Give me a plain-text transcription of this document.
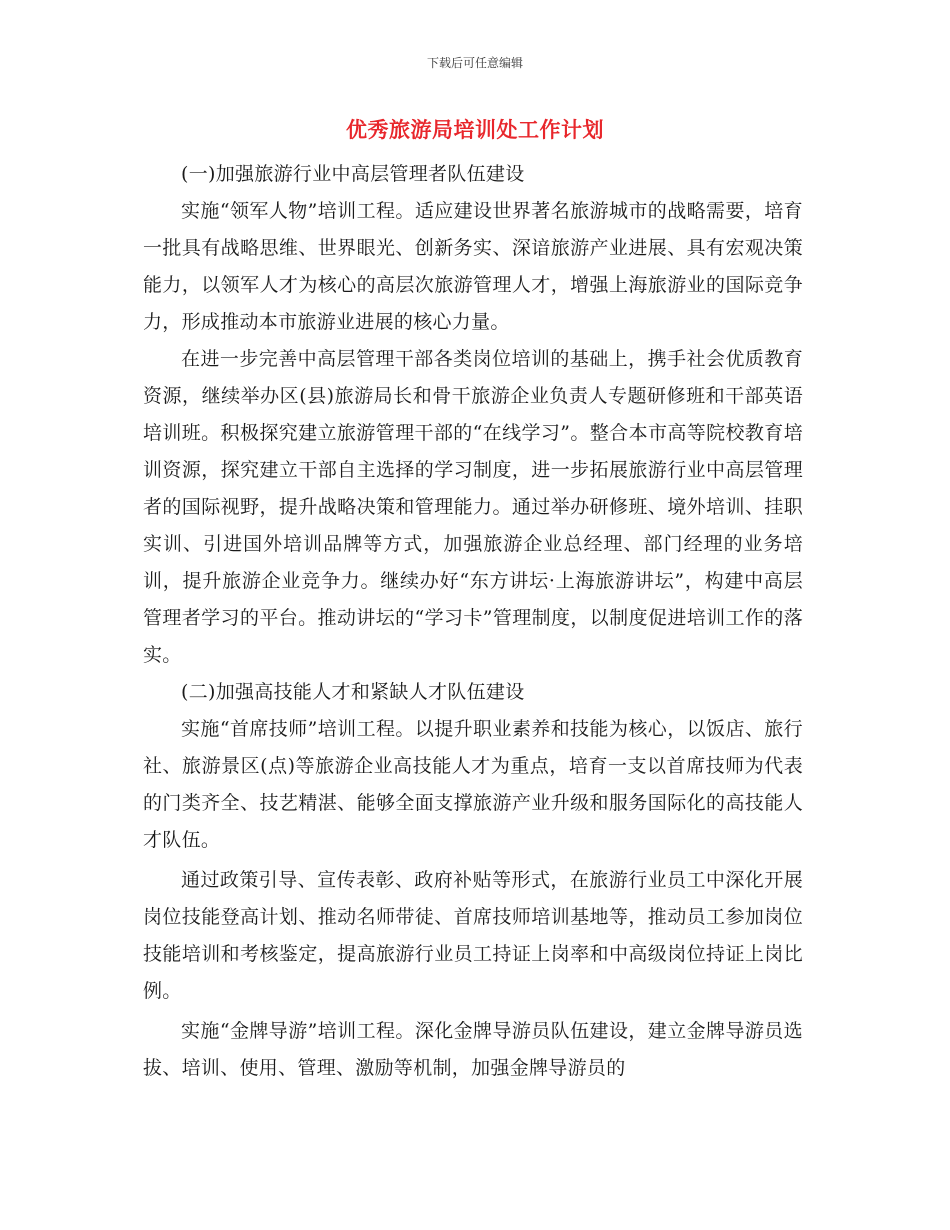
下载后可任意编辑
优秀旅游局培训处工作计划

(一)加强旅游行业中高层管理者队伍建设

实施“领军人物”培训工程。适应建设世界著名旅游城市的战略需要，培育一批具有战略思维、世界眼光、创新务实、深谙旅游产业进展、具有宏观决策能力，以领军人才为核心的高层次旅游管理人才，增强上海旅游业的国际竞争力，形成推动本市旅游业进展的核心力量。

在进一步完善中高层管理干部各类岗位培训的基础上，携手社会优质教育资源，继续举办区(县)旅游局长和骨干旅游企业负责人专题研修班和干部英语培训班。积极探究建立旅游管理干部的“在线学习”。整合本市高等院校教育培训资源，探究建立干部自主选择的学习制度，进一步拓展旅游行业中高层管理者的国际视野，提升战略决策和管理能力。通过举办研修班、境外培训、挂职实训、引进国外培训品牌等方式，加强旅游企业总经理、部门经理的业务培训，提升旅游企业竞争力。继续办好“东方讲坛·上海旅游讲坛”，构建中高层管理者学习的平台。推动讲坛的“学习卡”管理制度，以制度促进培训工作的落实。

(二)加强高技能人才和紧缺人才队伍建设

实施“首席技师”培训工程。以提升职业素养和技能为核心，以饭店、旅行社、旅游景区(点)等旅游企业高技能人才为重点，培育一支以首席技师为代表的门类齐全、技艺精湛、能够全面支撑旅游产业升级和服务国际化的高技能人才队伍。

通过政策引导、宣传表彰、政府补贴等形式，在旅游行业员工中深化开展岗位技能登高计划、推动名师带徒、首席技师培训基地等，推动员工参加岗位技能培训和考核鉴定，提高旅游行业员工持证上岗率和中高级岗位持证上岗比例。

实施“金牌导游”培训工程。深化金牌导游员队伍建设，建立金牌导游员选拔、培训、使用、管理、激励等机制，加强金牌导游员的
